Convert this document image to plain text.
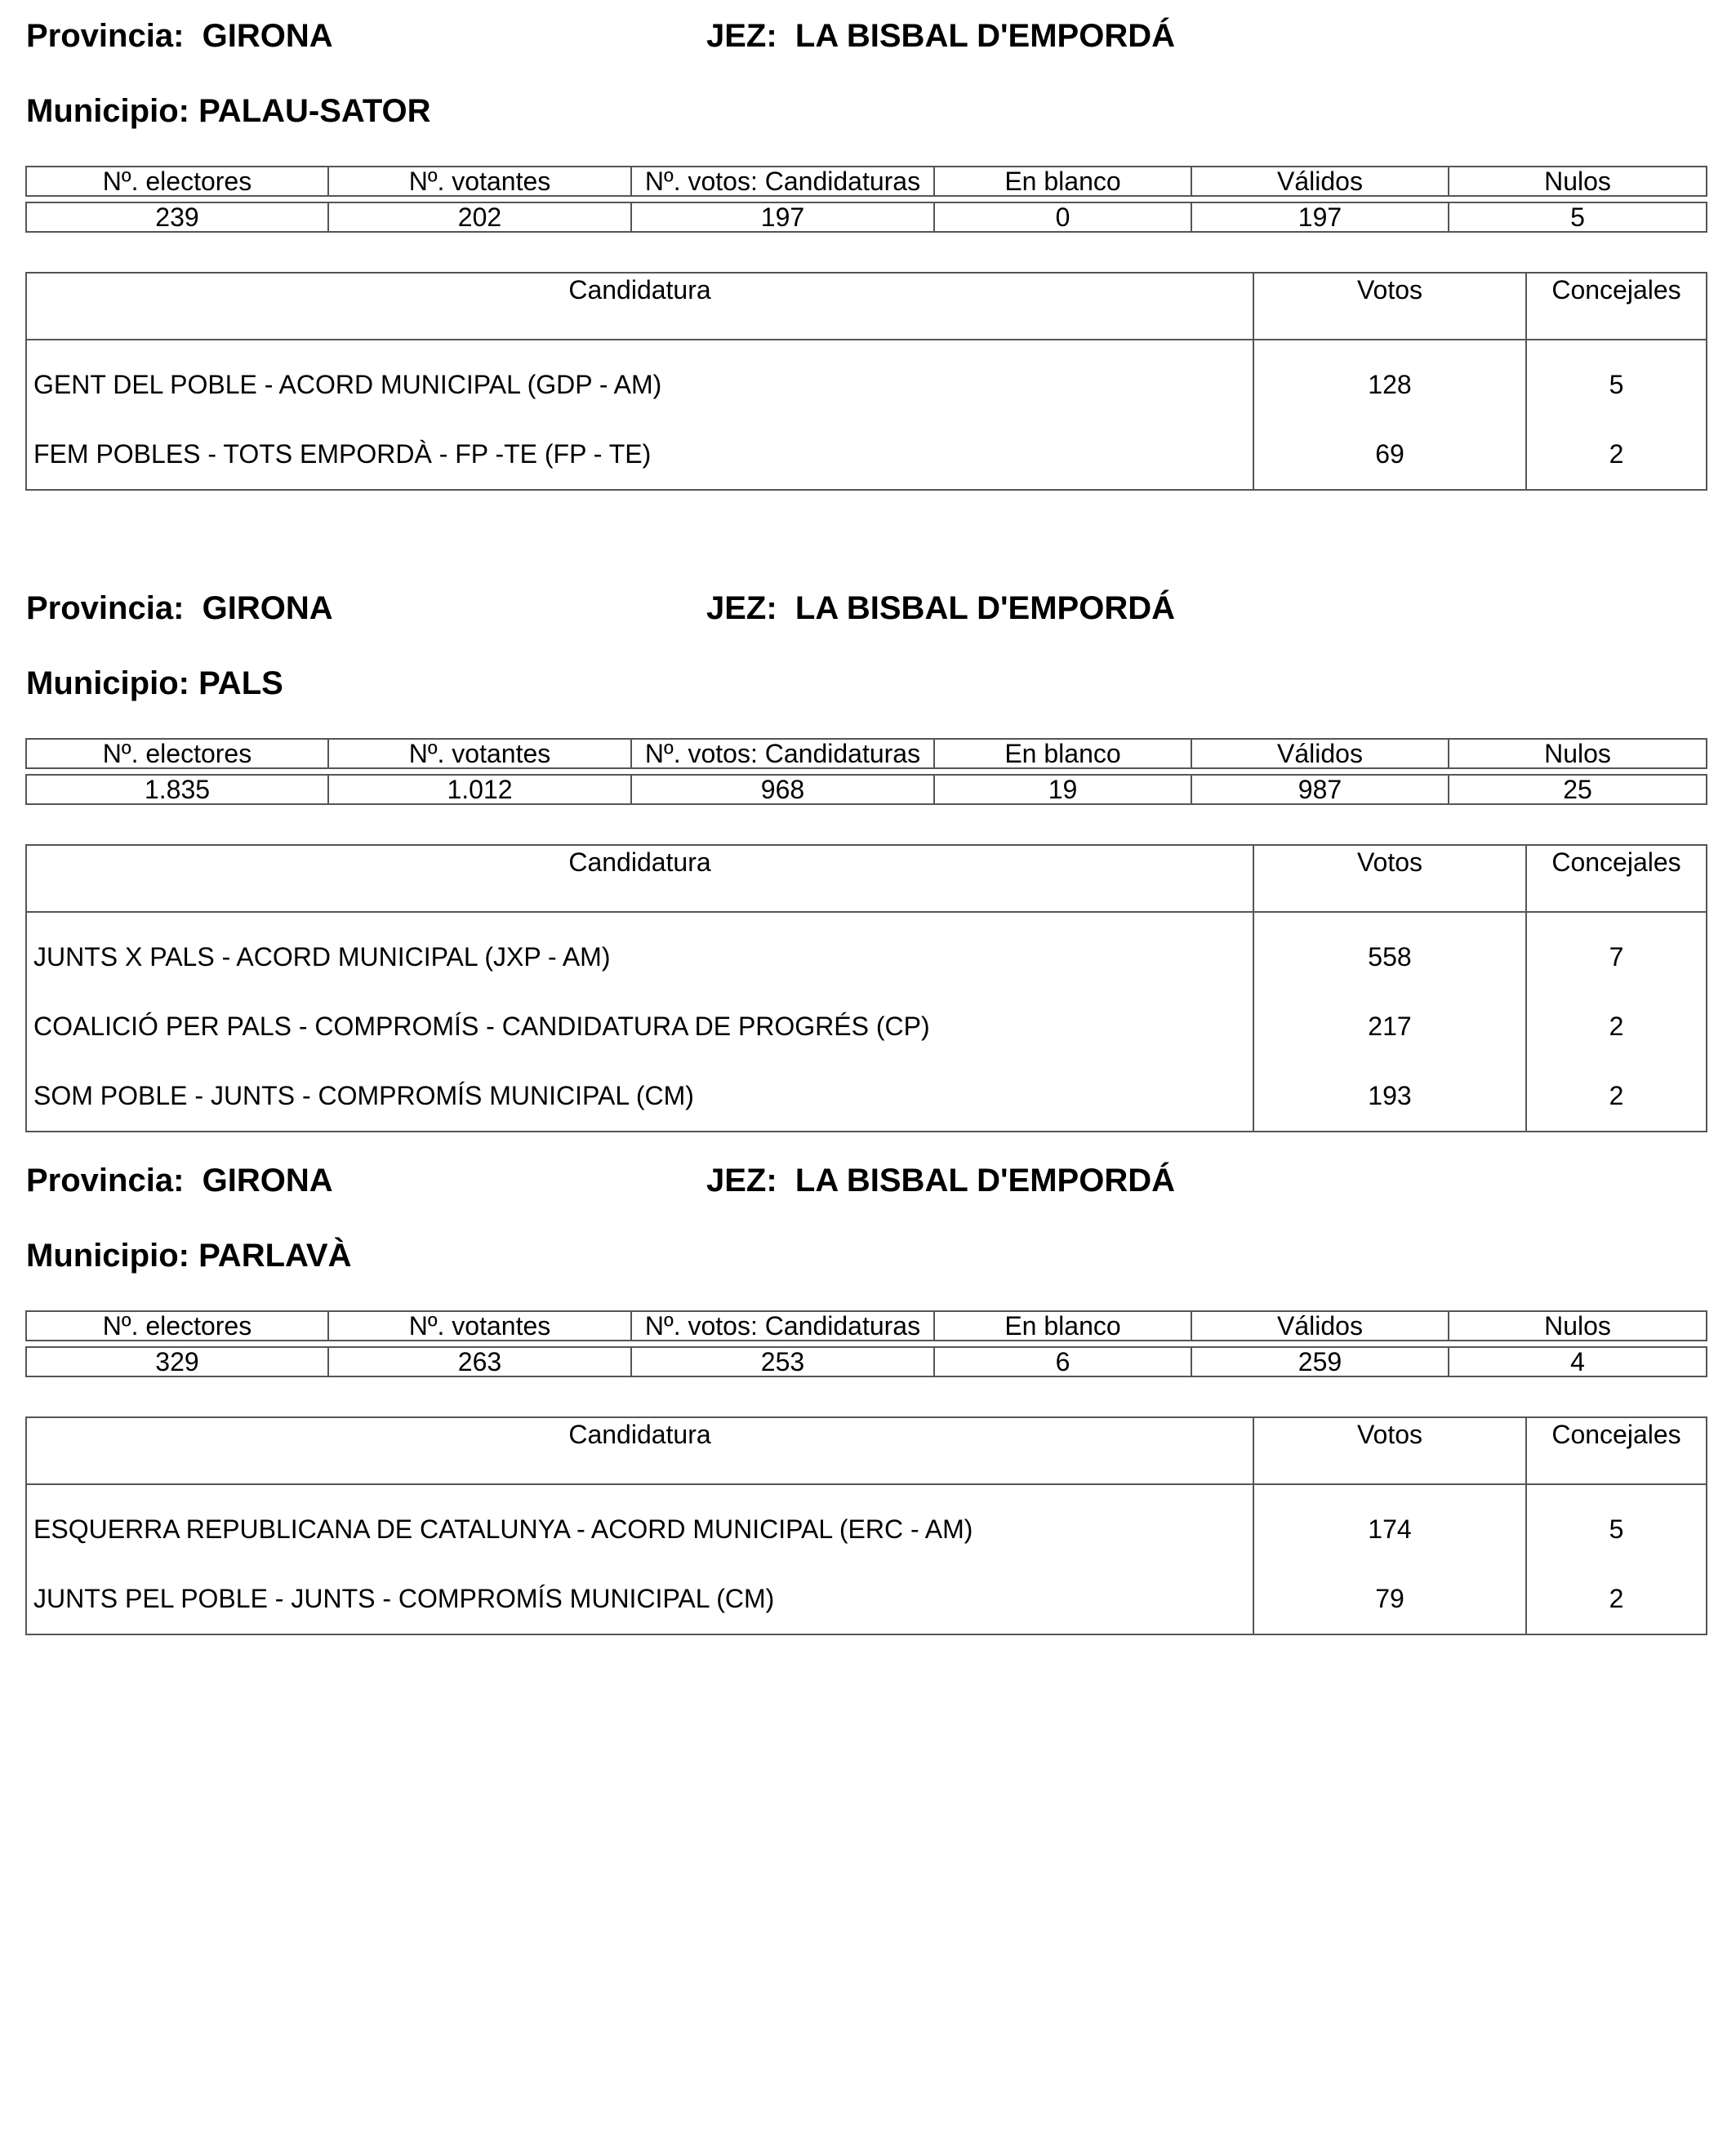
Provincia: GIRONA	JEZ: LA BISBAL D'EMPORDÁ
Municipio: PALAU-SATOR
Nº. electores	Nº. votantes	Nº. votos: Candidaturas	En blanco	Válidos	Nulos

239	202	197	0	197	5
Candidatura	Votos	Concejales
GENT DEL POBLE - ACORD MUNICIPAL (GDP - AM)	128	5
FEM POBLES - TOTS EMPORDÀ - FP -TE (FP - TE)	69	2
Provincia: GIRONA	JEZ: LA BISBAL D'EMPORDÁ
Municipio: PALS
Nº. electores	Nº. votantes	Nº. votos: Candidaturas	En blanco	Válidos	Nulos

1.835	1.012	968	19	987	25
Candidatura	Votos	Concejales
JUNTS X PALS - ACORD MUNICIPAL (JXP - AM)	558	7
COALICIÓ PER PALS - COMPROMÍS - CANDIDATURA DE PROGRÉS (CP)	217	2
SOM POBLE - JUNTS - COMPROMÍS MUNICIPAL (CM)	193	2
Provincia: GIRONA	JEZ: LA BISBAL D'EMPORDÁ
Municipio: PARLAVÀ
Nº. electores	Nº. votantes	Nº. votos: Candidaturas	En blanco	Válidos	Nulos

329	263	253	6	259	4
Candidatura	Votos	Concejales
ESQUERRA REPUBLICANA DE CATALUNYA - ACORD MUNICIPAL (ERC - AM)	174	5
JUNTS PEL POBLE - JUNTS - COMPROMÍS MUNICIPAL (CM)	79	2
